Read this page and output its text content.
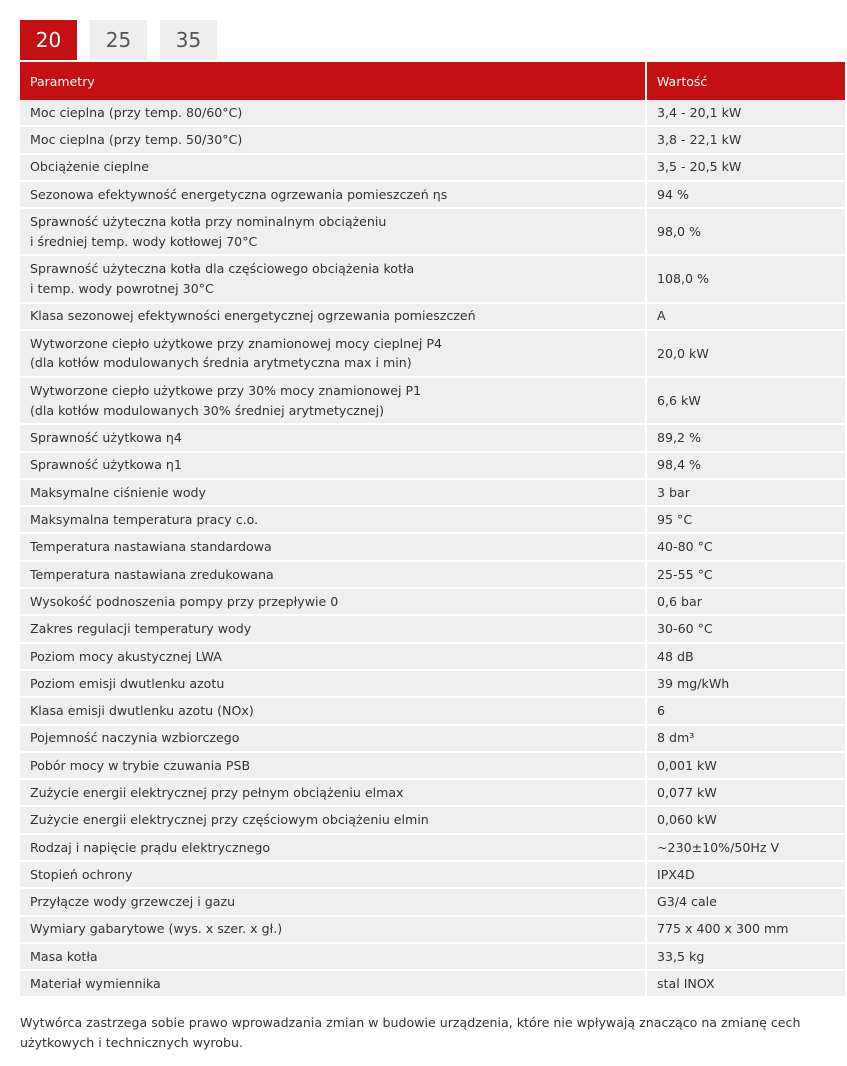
20	25	35
Parametry	Wartość
Moc cieplna (przy temp. 80/60°C)	3,4 - 20,1 kW
Moc cieplna (przy temp. 50/30°C)	3,8 - 22,1 kW
Obciążenie cieplne	3,5 - 20,5 kW
Sezonowa efektywność energetyczna ogrzewania pomieszczeń ηs	94 %
Sprawność użyteczna kotła przy nominalnym obciążeniu
i średniej temp. wody kotłowej 70°C	98,0 %
Sprawność użyteczna kotła dla częściowego obciążenia kotła
i temp. wody powrotnej 30°C	108,0 %
Klasa sezonowej efektywności energetycznej ogrzewania pomieszczeń	A
Wytworzone ciepło użytkowe przy znamionowej mocy cieplnej P4
(dla kotłów modulowanych średnia arytmetyczna max i min)	20,0 kW
Wytworzone ciepło użytkowe przy 30% mocy znamionowej P1
(dla kotłów modulowanych 30% średniej arytmetycznej)	6,6 kW
Sprawność użytkowa η4	89,2 %
Sprawność użytkowa η1	98,4 %
Maksymalne ciśnienie wody	3 bar
Maksymalna temperatura pracy c.o.	95 °C
Temperatura nastawiana standardowa	40-80 °C
Temperatura nastawiana zredukowana	25-55 °C
Wysokość podnoszenia pompy przy przepływie 0	0,6 bar
Zakres regulacji temperatury wody	30-60 °C
Poziom mocy akustycznej LWA	48 dB
Poziom emisji dwutlenku azotu	39 mg/kWh
Klasa emisji dwutlenku azotu (NOx)	6
Pojemność naczynia wzbiorczego	8 dm³
Pobór mocy w trybie czuwania PSB	0,001 kW
Zużycie energii elektrycznej przy pełnym obciążeniu elmax	0,077 kW
Zużycie energii elektrycznej przy częściowym obciążeniu elmin	0,060 kW
Rodzaj i napięcie prądu elektrycznego	~230±10%/50Hz V
Stopień ochrony	IPX4D
Przyłącze wody grzewczej i gazu	G3/4 cale
Wymiary gabarytowe (wys. x szer. x gł.)	775 x 400 x 300 mm
Masa kotła	33,5 kg
Materiał wymiennika	stal INOX
Wytwórca zastrzega sobie prawo wprowadzania zmian w budowie urządzenia, które nie wpływają znacząco na zmianę cech użytkowych i technicznych wyrobu.
